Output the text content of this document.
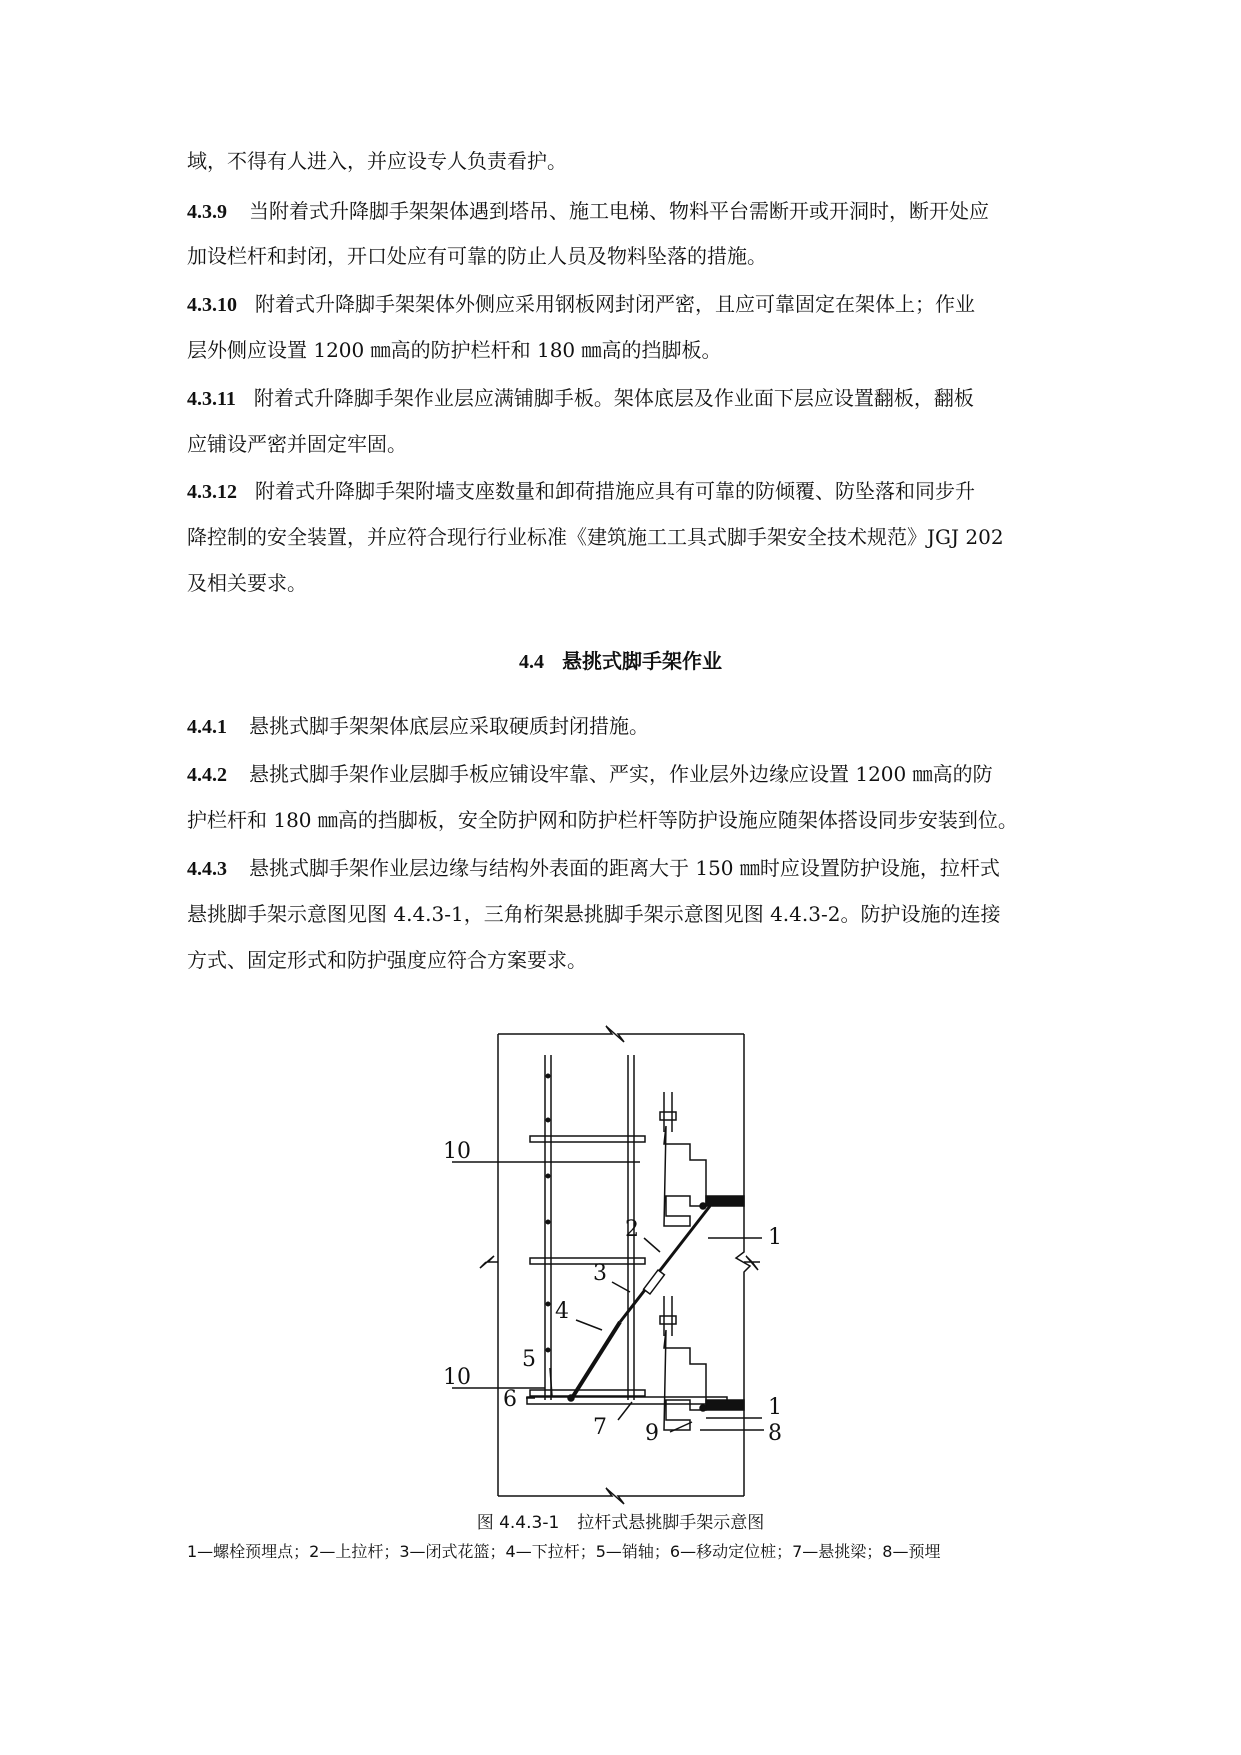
域，不得有人进入，并应设专人负责看护。
4.3.9 当附着式升降脚手架架体遇到塔吊、施工电梯、物料平台需断开或开洞时，断开处应
加设栏杆和封闭，开口处应有可靠的防止人员及物料坠落的措施。
4.3.10 附着式升降脚手架架体外侧应采用钢板网封闭严密，且应可靠固定在架体上；作业
层外侧应设置 1200 ㎜高的防护栏杆和 180 ㎜高的挡脚板。
4.3.11 附着式升降脚手架作业层应满铺脚手板。架体底层及作业面下层应设置翻板，翻板
应铺设严密并固定牢固。
4.3.12 附着式升降脚手架附墙支座数量和卸荷措施应具有可靠的防倾覆、防坠落和同步升
降控制的安全装置，并应符合现行行业标准《建筑施工工具式脚手架安全技术规范》JGJ 202
及相关要求。
4.4 悬挑式脚手架作业
4.4.1 悬挑式脚手架架体底层应采取硬质封闭措施。
4.4.2 悬挑式脚手架作业层脚手板应铺设牢靠、严实，作业层外边缘应设置 1200 ㎜高的防
护栏杆和 180 ㎜高的挡脚板，安全防护网和防护栏杆等防护设施应随架体搭设同步安装到位。
4.4.3 悬挑式脚手架作业层边缘与结构外表面的距离大于 150 ㎜时应设置防护设施，拉杆式
悬挑脚手架示意图见图 4.4.3-1，三角桁架悬挑脚手架示意图见图 4.4.3-2。防护设施的连接
方式、固定形式和防护强度应符合方案要求。
10
2	1
3
4
10
5
6	1
7 9	8
图 4.4.3-1 拉杆式悬挑脚手架示意图
1—螺栓预埋点；2—上拉杆；3—闭式花篮；4—下拉杆；5—销轴；6—移动定位桩；7—悬挑梁；8—预埋
